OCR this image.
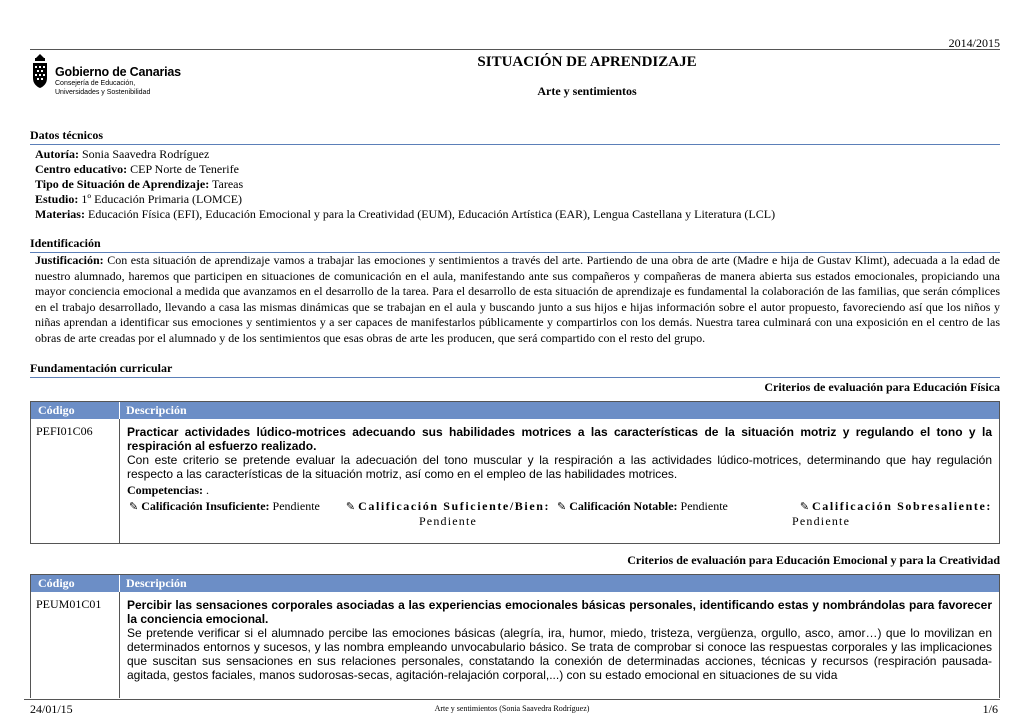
2014/2015
Gobierno de Canarias
Consejería de Educación,
Universidades y Sostenibilidad
SITUACIÓN DE APRENDIZAJE
Arte y sentimientos
Datos técnicos
Autoría: Sonia Saavedra Rodríguez
Centro educativo: CEP Norte de Tenerife
Tipo de Situación de Aprendizaje: Tareas
Estudio: 1º Educación Primaria (LOMCE)
Materias: Educación Física (EFI), Educación Emocional y para la Creatividad (EUM), Educación Artística (EAR), Lengua Castellana y Literatura (LCL)
Identificación
Justificación: Con esta situación de aprendizaje vamos a trabajar las emociones y sentimientos a través del arte. Partiendo de una obra de arte (Madre e hija de Gustav Klimt), adecuada a la edad de nuestro alumnado, haremos que participen en situaciones de comunicación en el aula, manifestando ante sus compañeros y compañeras de manera abierta sus estados emocionales, propiciando una mayor conciencia emocional a medida que avanzamos en el desarrollo de la tarea. Para el desarrollo de esta situación de aprendizaje es fundamental la colaboración de las familias, que serán cómplices en el trabajo desarrollado, llevando a casa las mismas dinámicas que se trabajan en el aula y buscando junto a sus hijos e hijas información sobre el autor propuesto, favoreciendo así que los niños y niñas aprendan a identificar sus emociones y sentimientos y a ser capaces de manifestarlos públicamente y compartirlos con los demás. Nuestra tarea culminará con una exposición en el centro de las obras de arte creadas por el alumnado y de los sentimientos que esas obras de arte les producen, que será compartido con el resto del grupo.
Fundamentación curricular
Criterios de evaluación para Educación Física
Código	Descripción
PEFI01C06	Practicar actividades lúdico-motrices adecuando sus habilidades motrices a las características de la situación motriz y regulando el tono y la respiración al esfuerzo realizado.
Con este criterio se pretende evaluar la adecuación del tono muscular y la respiración a las actividades lúdico-motrices, determinando que hay regulación respecto a las características de la situación motriz, así como en el empleo de las habilidades motrices.
Competencias: .
✎ Calificación Insuficiente: Pendiente	✎ Calificación Suficiente/Bien:
Pendiente
✎ Calificación Notable: Pendiente	✎ Calificación Sobresaliente:
Pendiente
Criterios de evaluación para Educación Emocional y para la Creatividad
Código	Descripción
PEUM01C01	Percibir las sensaciones corporales asociadas a las experiencias emocionales básicas personales, identificando estas y nombrándolas para favorecer la conciencia emocional.
Se pretende verificar si el alumnado percibe las emociones básicas (alegría, ira, humor, miedo, tristeza, vergüenza, orgullo, asco, amor…) que lo movilizan en determinados entornos y sucesos, y las nombra empleando unvocabulario básico. Se trata de comprobar si conoce las respuestas corporales y las implicaciones que suscitan sus sensaciones en sus relaciones personales, constatando la conexión de determinadas acciones, técnicas y recursos (respiración pausada-agitada, gestos faciales, manos sudorosas-secas, agitación-relajación corporal,...) con su estado emocional en situaciones de su vida
24/01/15	Arte y sentimientos (Sonia Saavedra Rodríguez)	1/6
